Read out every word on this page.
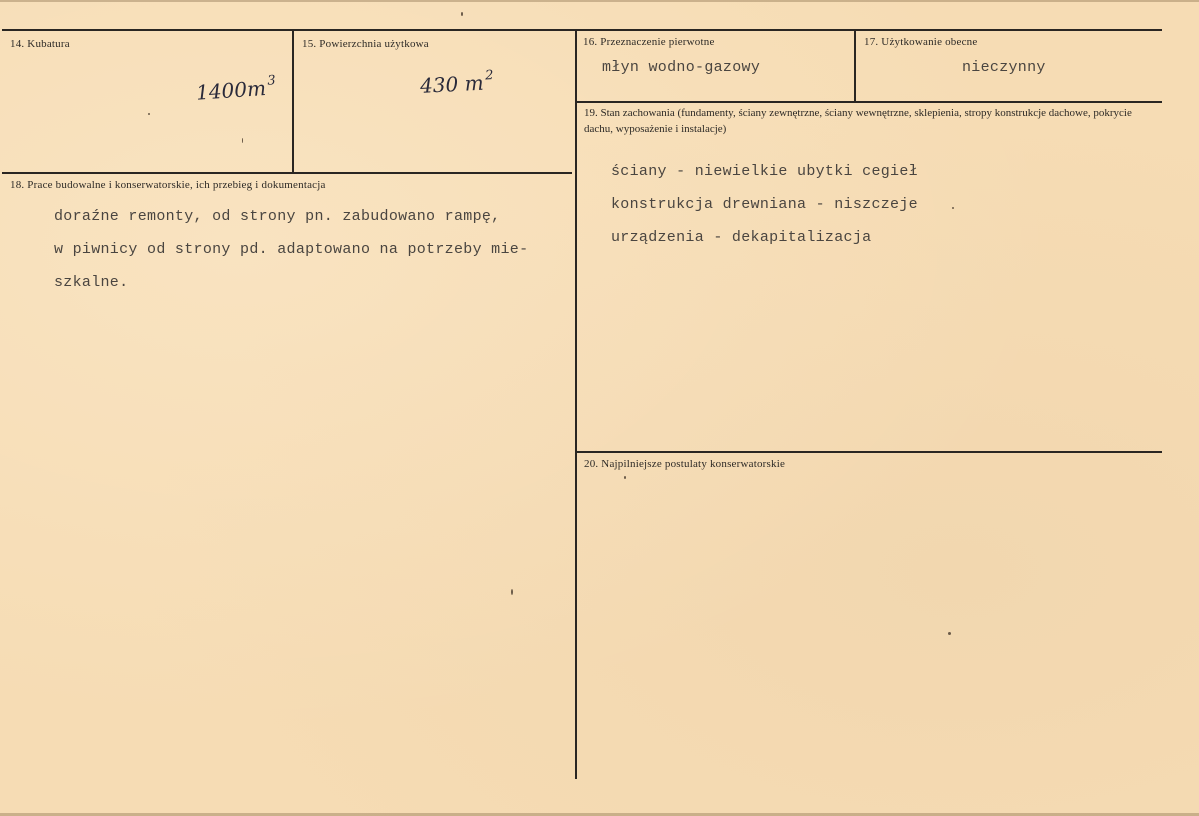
14. Kubatura
$1400m^3$
15. Powierzchnia użytkowa
430 $m^2$
16. Przeznaczenie pierwotne
młyn wodno-gazowy
17. Użytkowanie obecne
nieczynny
18. Prace budowalne i konserwatorskie, ich przebieg i dokumentacja
doraźne remonty, od strony pn. zabudowano rampę,
w piwnicy od strony pd. adaptowano na potrzeby mie-
szkalne.
19. Stan zachowania (fundamenty, ściany zewnętrzne, ściany wewnętrzne, sklepienia, stropy konstrukcje dachowe, pokrycie dachu, wyposażenie i instalacje)
ściany - niewielkie ubytki cegieł
konstrukcja drewniana - niszczeje
urządzenia - dekapitalizacja
20. Najpilniejsze postulaty konserwatorskie
